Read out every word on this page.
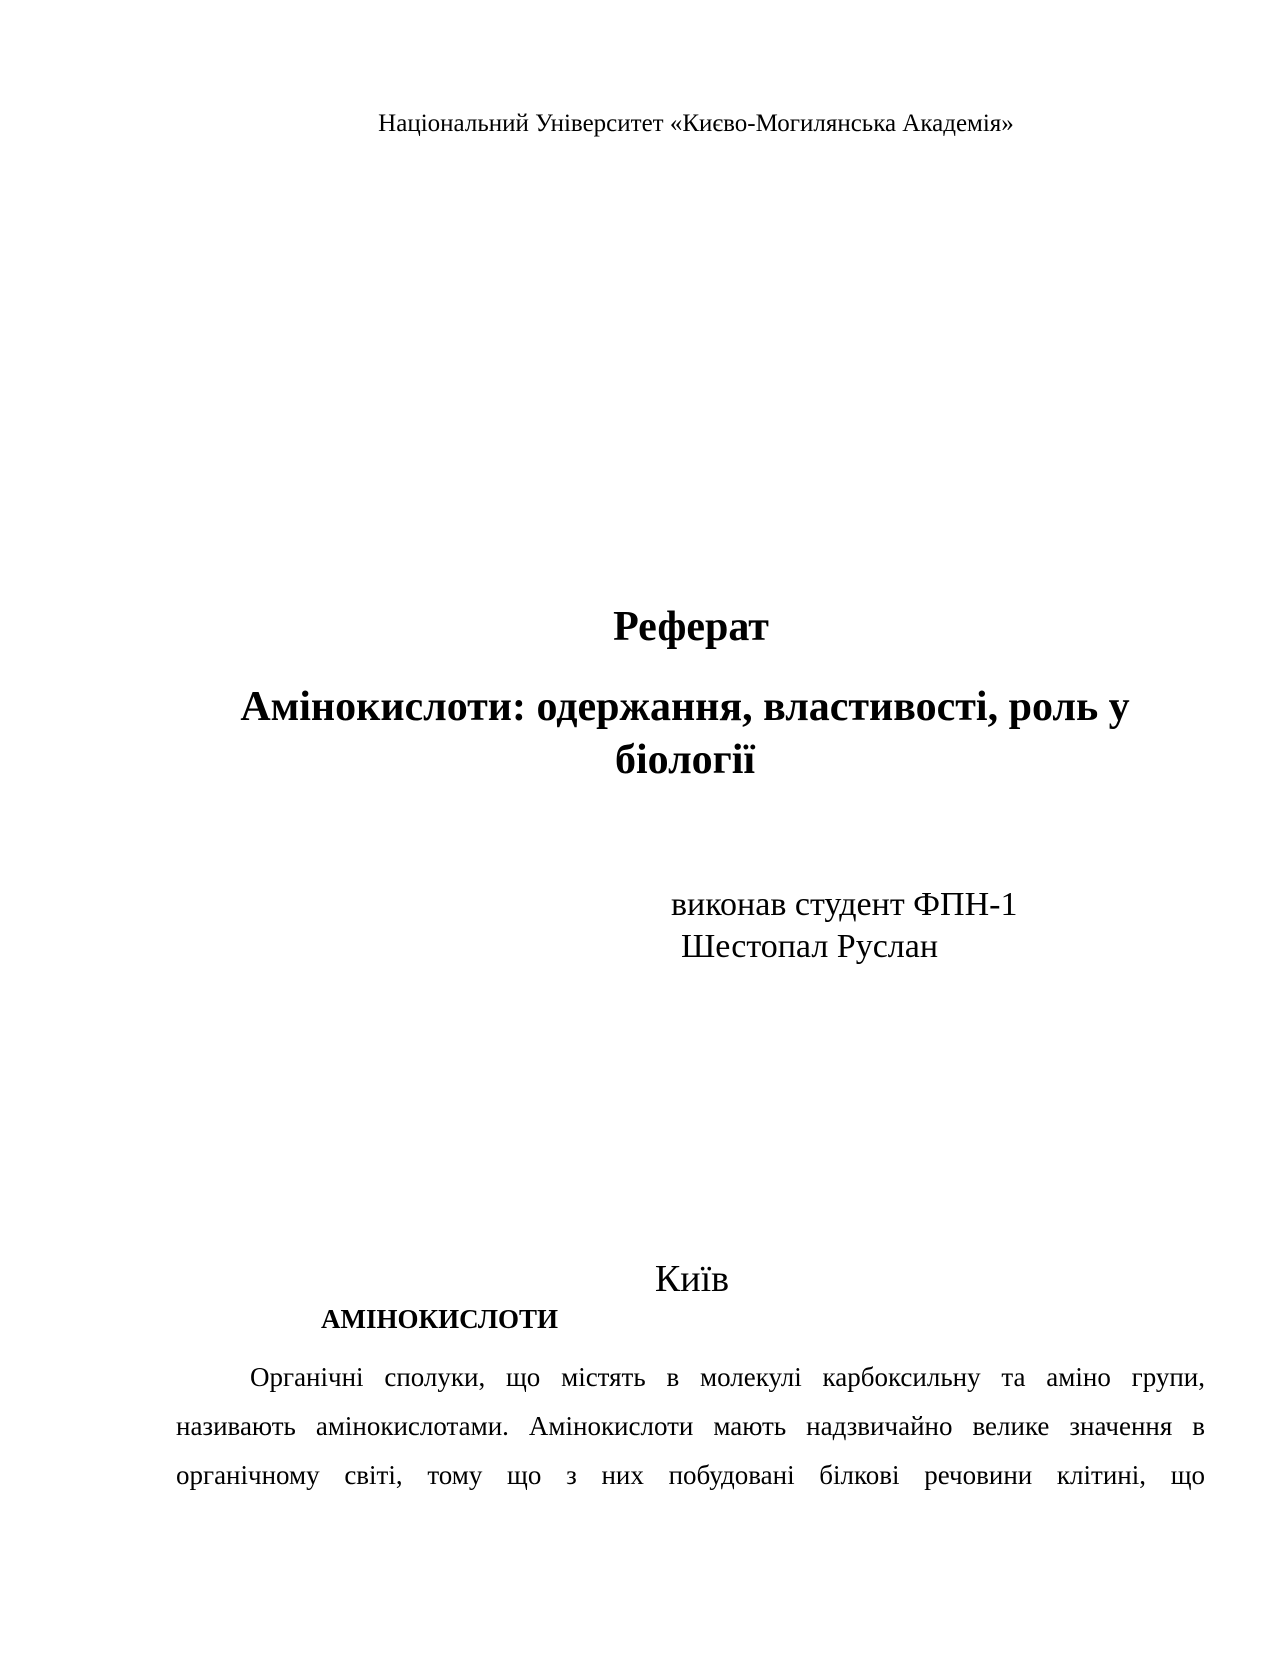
Національний Університет «Києво-Могилянська Академія»
Реферат
Амінокислоти: одержання, властивості, роль у біології
виконав студент ФПН-1
Шестопал Руслан
Київ
АМІНОКИСЛОТИ
Органічні сполуки, що містять в молекулі карбоксильну та аміно групи,
називають амінокислотами. Амінокислоти мають надзвичайно велике значення в
органічному світі, тому що з них побудовані білкові речовини клітині, що
